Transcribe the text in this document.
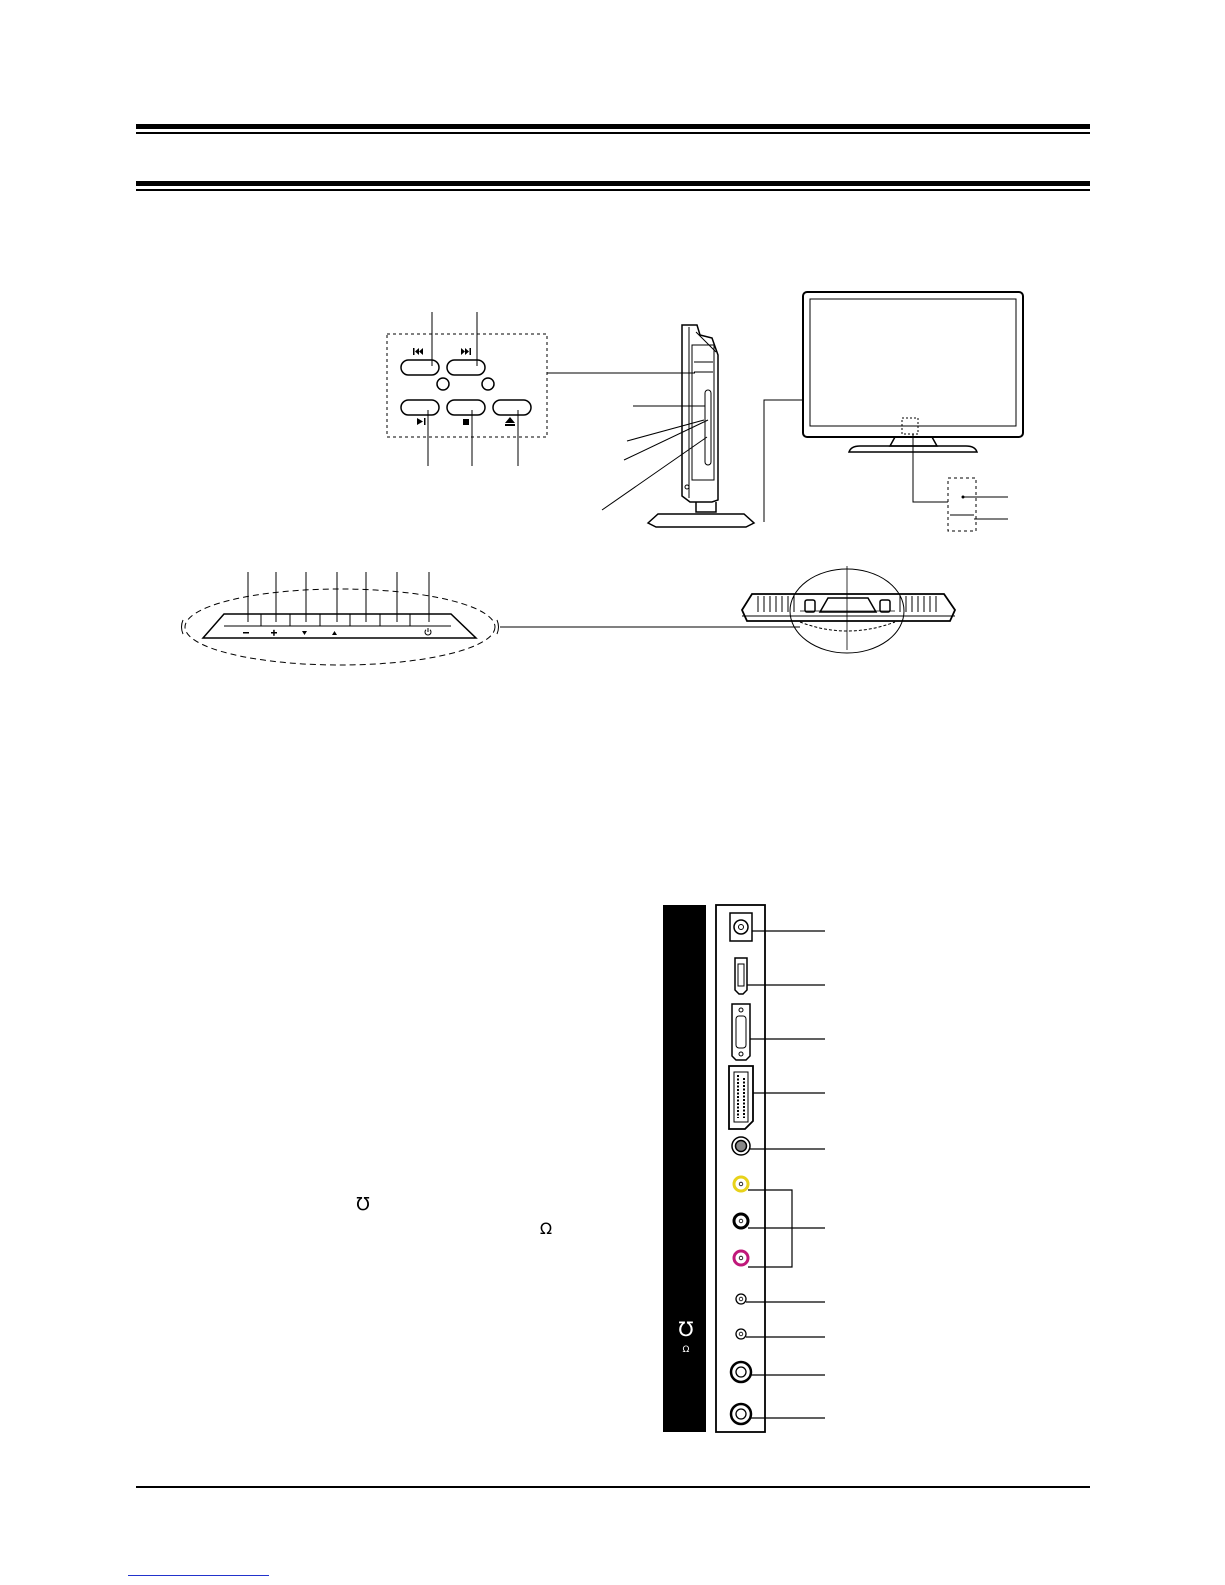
℧
Ω
℧
Ω
